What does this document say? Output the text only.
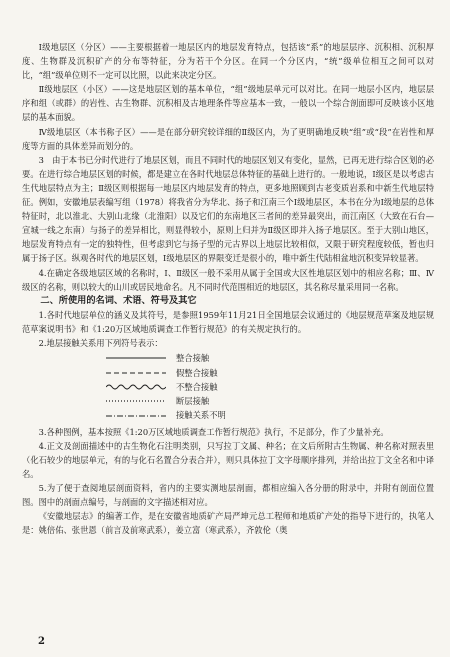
Ⅰ级地层区（分区）——主要根据着一地层区内的地层发育特点，包括该“系”的地层层序、沉积相、沉积厚度、生物群及沉积矿产的分布等特征，分为若干个分区。在同一个分区内，“统”级单位相互之间可以对比，“组”级单位则不一定可以比照，以此来决定分区。

Ⅱ级地层区（小区）——这是地层区划的基本单位，“组”级地层单元可以对比。在同一地层小区内，地层层序和组（或群）的岩性、古生物群、沉积相及古地理条件等应基本一致，一般以一个综合剖面即可反映该小区地层的基本面貌。

Ⅳ级地层区（本书称子区）——是在部分研究较详细的Ⅱ级区内，为了更明确地反映“组”或“段”在岩性和厚度等方面的具体差异而划分的。

3　由于本书已分时代进行了地层区划，而且不同时代的地层区划又有变化，显然，已再无进行综合区划的必要。在进行综合地层区划的时候，都是建立在各时代地层总体特征的基础上进行的。一般地说，Ⅰ级区是以考虑古生代地层特点为主；Ⅱ级区则根据每一地层区内地层发育的特点，更多地照顾到古老变质岩系和中新生代地层特征。例如，安徽地层表编写组（1978）将我省分为华北、扬子和江南三个Ⅰ级地层区，本书在分为Ⅰ级地层的总体特征时，北以淮北、大别山北缘（北淮阳）以及它们的东南地区三者间的差异最突出，而江南区（大致在石台—宣城一线之东南）与扬子的差异相比，则显得较小，原则上归并为Ⅱ级区即并入扬子地层区。至于大别山地区，地层发育特点有一定的独特性，但考虑到它与扬子型的元古界以上地层比较相似，又限于研究程度较低，暂也归属于扬子区。纵观各时代的地层区划，Ⅰ级地层区的界限变迁是很小的，唯中新生代陆相盆地沉积变异较显著。

4.在确定各级地层区域的名称时，Ⅰ、Ⅱ级区一般不采用从属于全国或大区性地层区划中的相应名称；Ⅲ、Ⅳ级区的名称，则以较大的山川或居民地命名。凡不同时代范围相近的地层区，其名称尽量采用同一名称。

二、所使用的名词、术语、符号及其它

1.各时代地层单位的涵义及其符号，是参照1959年11月21日全国地层会议通过的《地层规范草案及地层规范草案说明书》和《1:20万区域地质调查工作暂行规范》的有关规定执行的。

2.地层接触关系用下列符号表示：

整合接触
假整合接触
不整合接触
断层接触
接触关系不明

3.各种图例，基本按照《1:20万区域地质调查工作暂行规范》执行，不足部分，作了少量补充。

4.正文及剖面描述中的古生物化石注明类别，只写拉丁文属、种名；在文后所附古生物属、种名称对照表里（化石较少的地层单元，有的与化石名置合分表合并），则只具体拉丁文字母顺序排列，并给出拉丁文全名和中译名。

5.为了便于查阅地层剖面资料，省内的主要实测地层剖面，都相应编入各分册的附录中，并附有剖面位置图。图中的剖面点编号，与剖面的文字描述相对应。

《安徽地层志》的编著工作，是在安徽省地质矿产局严坤元总工程师和地质矿产处的指导下进行的，执笔人是：姚倍佑、张世恩（前言及前寒武系），姜立富（寒武系），齐敦伦（奥

2
